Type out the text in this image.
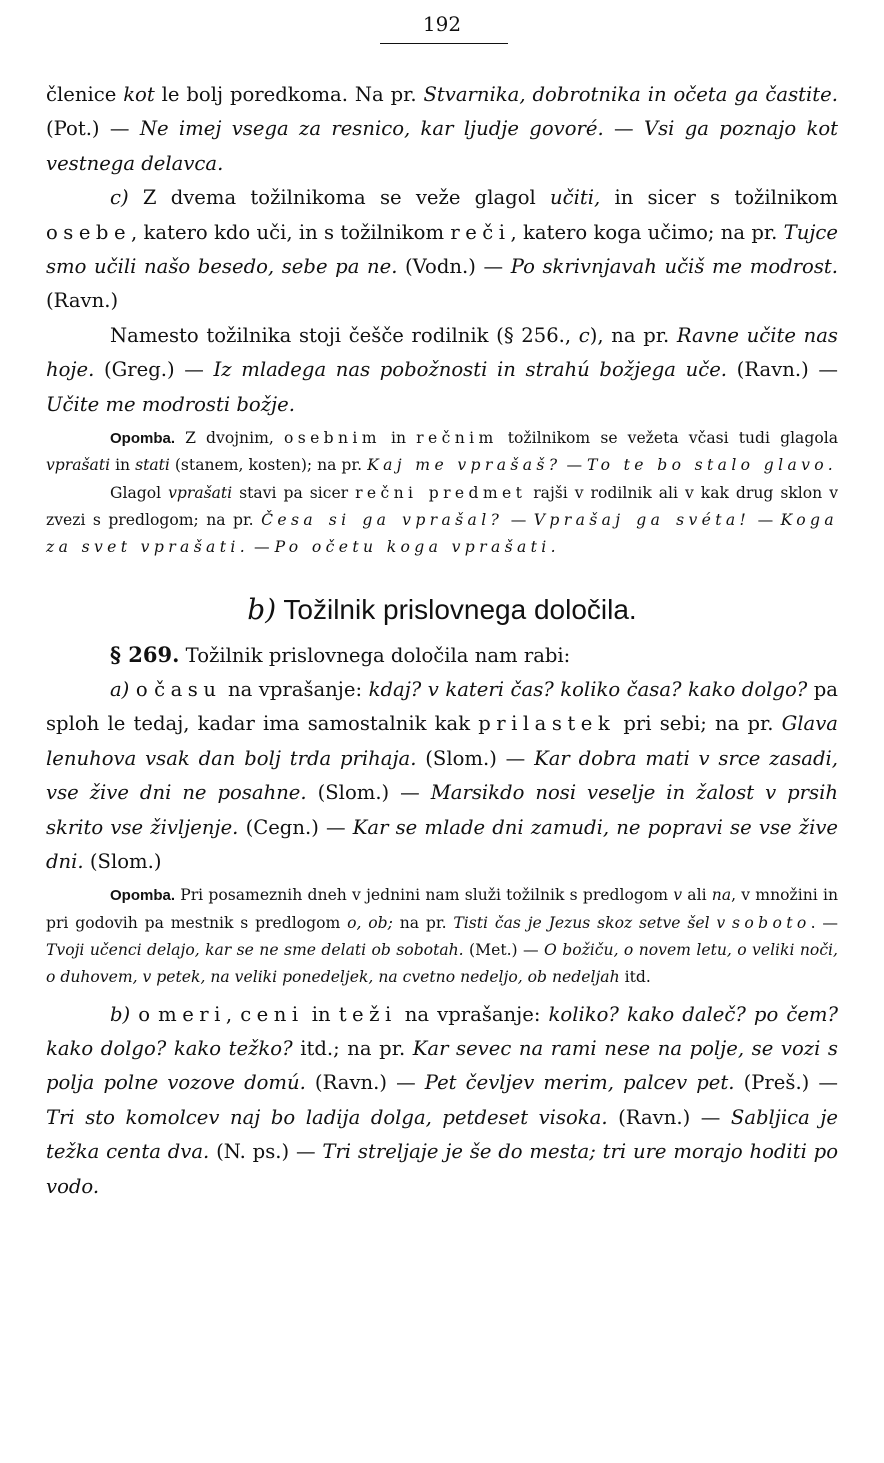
192

členice kot le bolj poredkoma. Na pr. Stvarnika, dobrotnika in očeta ga častite. (Pot.) — Ne imej vsega za resnico, kar ljudje govoré. — Vsi ga poznajo kot vestnega delavca.

c) Z dvema tožilnikoma se veže glagol učiti, in sicer s tožilnikom osebe, katero kdo uči, in s tožilnikom reči, katero koga učimo; na pr. Tujce smo učili našo besedo, sebe pa ne. (Vodn.) — Po skrivnjavah učiš me modrost. (Ravn.)

Namesto tožilnika stoji češče rodilnik (§ 256., c), na pr. Ravne učite nas hoje. (Greg.) — Iz mladega nas pobožnosti in strahú božjega uče. (Ravn.) — Učite me modrosti božje.

Opomba. Z dvojnim, osebnim in rečnim tožilnikom se vežeta včasi tudi glagola vprašati in stati (stanem, kosten); na pr. Kaj me vprašaš? — To te bo stalo glavo.

Glagol vprašati stavi pa sicer rečni predmet rajši v rodilnik ali v kak drug sklon v zvezi s predlogom; na pr. Česa si ga vprašal? — Vprašaj ga svéta! — Koga za svet vprašati. — Po očetu koga vprašati.

b) Tožilnik prislovnega določila.

§ 269. Tožilnik prislovnega določila nam rabi:

a) o času na vprašanje: kdaj? v kateri čas? koliko časa? kako dolgo? pa sploh le tedaj, kadar ima samostalnik kak prilastek pri sebi; na pr. Glava lenuhova vsak dan bolj trda prihaja. (Slom.) — Kar dobra mati v srce zasadi, vse žive dni ne posahne. (Slom.) — Marsikdo nosi veselje in žalost v prsih skrito vse življenje. (Cegn.) — Kar se mlade dni zamudi, ne popravi se vse žive dni. (Slom.)

Opomba. Pri posameznih dneh v jednini nam služi tožilnik s predlogom v ali na, v množini in pri godovih pa mestnik s predlogom o, ob; na pr. Tisti čas je Jezus skoz setve šel v soboto. — Tvoji učenci delajo, kar se ne sme delati ob sobotah. (Met.) — O božiču, o novem letu, o veliki noči, o duhovem, v petek, na veliki ponedeljek, na cvetno nedeljo, ob nedeljah itd.

b) o meri, ceni in teži na vprašanje: koliko? kako daleč? po čem? kako dolgo? kako težko? itd.; na pr. Kar sevec na rami nese na polje, se vozi s polja polne vozove domú. (Ravn.) — Pet čevljev merim, palcev pet. (Preš.) — Tri sto komolcev naj bo ladija dolga, petdeset visoka. (Ravn.) — Sabljica je težka centa dva. (N. ps.) — Tri streljaje je še do mesta; tri ure morajo hoditi po vodo.
